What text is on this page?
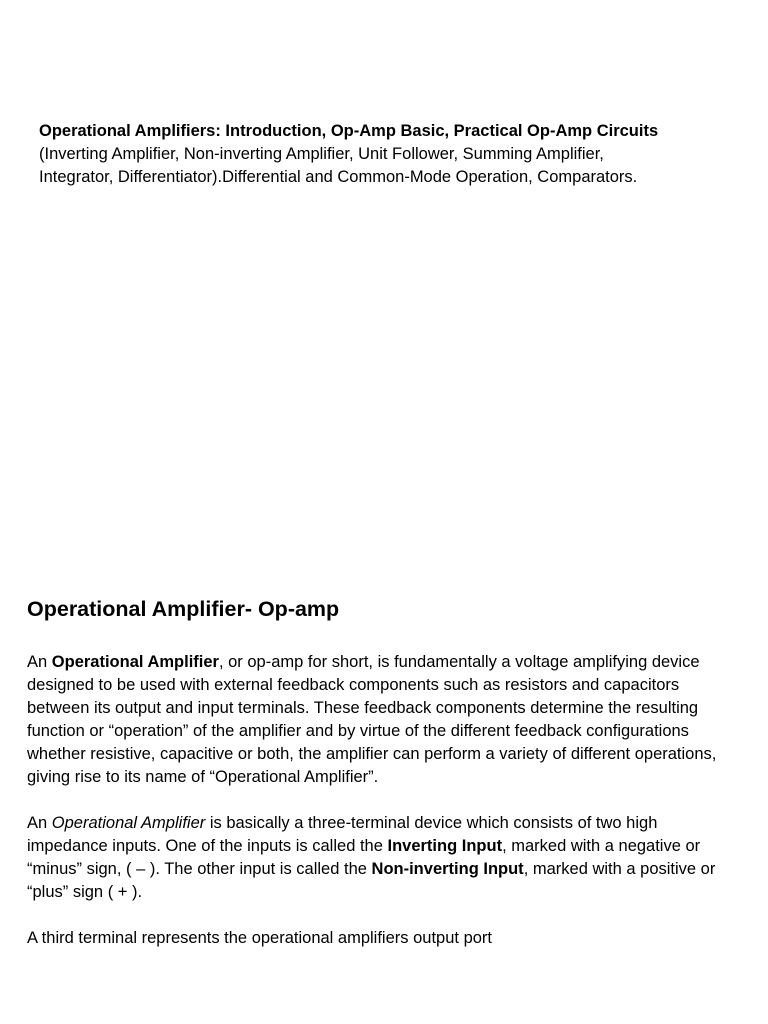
Operational Amplifiers: Introduction, Op-Amp Basic, Practical Op-Amp Circuits (Inverting Amplifier, Non-inverting Amplifier, Unit Follower, Summing Amplifier, Integrator, Differentiator).Differential and Common-Mode Operation, Comparators.
Operational Amplifier- Op-amp

An Operational Amplifier, or op-amp for short, is fundamentally a voltage amplifying device designed to be used with external feedback components such as resistors and capacitors between its output and input terminals. These feedback components determine the resulting function or “operation” of the amplifier and by virtue of the different feedback configurations whether resistive, capacitive or both, the amplifier can perform a variety of different operations, giving rise to its name of “Operational Amplifier”.

An Operational Amplifier is basically a three-terminal device which consists of two high impedance inputs. One of the inputs is called the Inverting Input, marked with a negative or “minus” sign, ( – ). The other input is called the Non-inverting Input, marked with a positive or “plus” sign ( + ).

A third terminal represents the operational amplifiers output port
